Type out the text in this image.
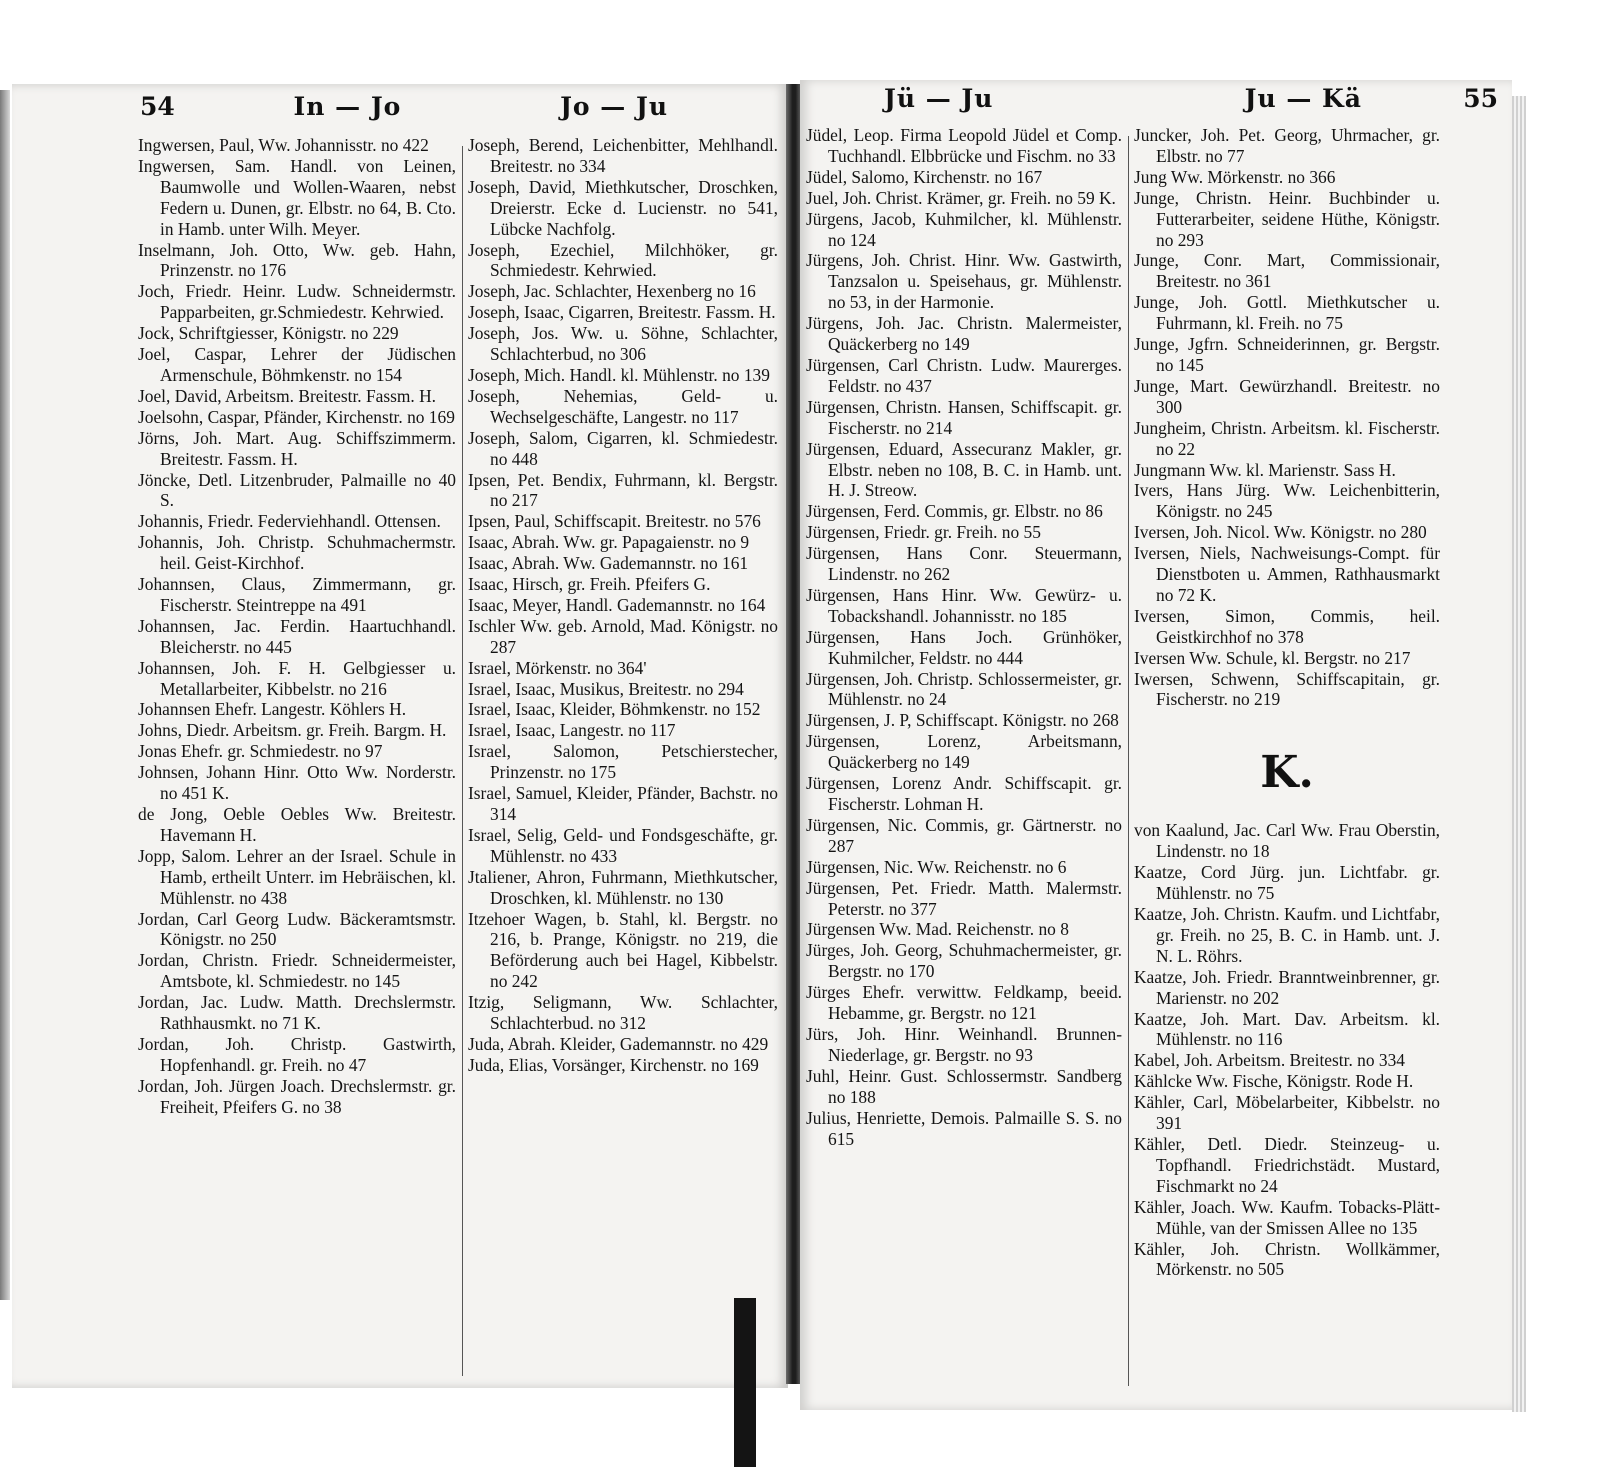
54	In — Jo	Jo — Ju
Ingwersen, Paul, Ww. Johannisstr. no 422
Ingwersen, Sam. Handl. von Leinen, Baumwolle und Wollen-Waaren, nebst Federn u. Dunen, gr. Elbstr. no 64, B. Cto. in Hamb. unter Wilh. Meyer.
Inselmann, Joh. Otto, Ww. geb. Hahn, Prinzenstr. no 176
Joch, Friedr. Heinr. Ludw. Schneidermstr. Papparbeiten, gr.Schmiedestr. Kehrwied.
Jock, Schriftgiesser, Königstr. no 229
Joel, Caspar, Lehrer der Jüdischen Armenschule, Böhmkenstr. no 154
Joel, David, Arbeitsm. Breitestr. Fassm. H.
Joelsohn, Caspar, Pfänder, Kirchenstr. no 169
Jörns, Joh. Mart. Aug. Schiffszimmerm. Breitestr. Fassm. H.
Jöncke, Detl. Litzenbruder, Palmaille no 40 S.
Johannis, Friedr. Federviehhandl. Ottensen.
Johannis, Joh. Christp. Schuhmachermstr. heil. Geist-Kirchhof.
Johannsen, Claus, Zimmermann, gr. Fischerstr. Steintreppe na 491
Johannsen, Jac. Ferdin. Haartuchhandl. Bleicherstr. no 445
Johannsen, Joh. F. H. Gelbgiesser u. Metallarbeiter, Kibbelstr. no 216
Johannsen Ehefr. Langestr. Köhlers H.
Johns, Diedr. Arbeitsm. gr. Freih. Bargm. H.
Jonas Ehefr. gr. Schmiedestr. no 97
Johnsen, Johann Hinr. Otto Ww. Norderstr. no 451 K.
de Jong, Oeble Oebles Ww. Breitestr. Havemann H.
Jopp, Salom. Lehrer an der Israel. Schule in Hamb, ertheilt Unterr. im Hebräischen, kl. Mühlenstr. no 438
Jordan, Carl Georg Ludw. Bäckeramtsmstr. Königstr. no 250
Jordan, Christn. Friedr. Schneidermeister, Amtsbote, kl. Schmiedestr. no 145
Jordan, Jac. Ludw. Matth. Drechslermstr. Rathhausmkt. no 71 K.
Jordan, Joh. Christp. Gastwirth, Hopfenhandl. gr. Freih. no 47
Jordan, Joh. Jürgen Joach. Drechslermstr. gr. Freiheit, Pfeifers G. no 38
Joseph, Berend, Leichenbitter, Mehlhandl. Breitestr. no 334
Joseph, David, Miethkutscher, Droschken, Dreierstr. Ecke d. Lucienstr. no 541, Lübcke Nachfolg.
Joseph, Ezechiel, Milchhöker, gr. Schmiedestr. Kehrwied.
Joseph, Jac. Schlachter, Hexenberg no 16
Joseph, Isaac, Cigarren, Breitestr. Fassm. H.
Joseph, Jos. Ww. u. Söhne, Schlachter, Schlachterbud, no 306
Joseph, Mich. Handl. kl. Mühlenstr. no 139
Joseph, Nehemias, Geld- u. Wechselgeschäfte, Langestr. no 117
Joseph, Salom, Cigarren, kl. Schmiedestr. no 448
Ipsen, Pet. Bendix, Fuhrmann, kl. Bergstr. no 217
Ipsen, Paul, Schiffscapit. Breitestr. no 576
Isaac, Abrah. Ww. gr. Papagaienstr. no 9
Isaac, Abrah. Ww. Gademannstr. no 161
Isaac, Hirsch, gr. Freih. Pfeifers G.
Isaac, Meyer, Handl. Gademannstr. no 164
Ischler Ww. geb. Arnold, Mad. Königstr. no 287
Israel, Mörkenstr. no 364'
Israel, Isaac, Musikus, Breitestr. no 294
Israel, Isaac, Kleider, Böhmkenstr. no 152
Israel, Isaac, Langestr. no 117
Israel, Salomon, Petschierstecher, Prinzenstr. no 175
Israel, Samuel, Kleider, Pfänder, Bachstr. no 314
Israel, Selig, Geld- und Fondsgeschäfte, gr. Mühlenstr. no 433
Jtaliener, Ahron, Fuhrmann, Miethkutscher, Droschken, kl. Mühlenstr. no 130
Itzehoer Wagen, b. Stahl, kl. Bergstr. no 216, b. Prange, Königstr. no 219, die Beförderung auch bei Hagel, Kibbelstr. no 242
Itzig, Seligmann, Ww. Schlachter, Schlachterbud. no 312
Juda, Abrah. Kleider, Gademannstr. no 429
Juda, Elias, Vorsänger, Kirchenstr. no 169
Jü — Ju	Ju — Kä	55
Jüdel, Leop. Firma Leopold Jüdel et Comp. Tuchhandl. Elbbrücke und Fischm. no 33
Jüdel, Salomo, Kirchenstr. no 167
Juel, Joh. Christ. Krämer, gr. Freih. no 59 K.
Jürgens, Jacob, Kuhmilcher, kl. Mühlenstr. no 124
Jürgens, Joh. Christ. Hinr. Ww. Gastwirth, Tanzsalon u. Speisehaus, gr. Mühlenstr. no 53, in der Harmonie.
Jürgens, Joh. Jac. Christn. Malermeister, Quäckerberg no 149
Jürgensen, Carl Christn. Ludw. Maurerges. Feldstr. no 437
Jürgensen, Christn. Hansen, Schiffscapit. gr. Fischerstr. no 214
Jürgensen, Eduard, Assecuranz Makler, gr. Elbstr. neben no 108, B. C. in Hamb. unt. H. J. Streow.
Jürgensen, Ferd. Commis, gr. Elbstr. no 86
Jürgensen, Friedr. gr. Freih. no 55
Jürgensen, Hans Conr. Steuermann, Lindenstr. no 262
Jürgensen, Hans Hinr. Ww. Gewürz- u. Tobackshandl. Johannisstr. no 185
Jürgensen, Hans Joch. Grünhöker, Kuhmilcher, Feldstr. no 444
Jürgensen, Joh. Christp. Schlossermeister, gr. Mühlenstr. no 24
Jürgensen, J. P, Schiffscapt. Königstr. no 268
Jürgensen, Lorenz, Arbeitsmann, Quäckerberg no 149
Jürgensen, Lorenz Andr. Schiffscapit. gr. Fischerstr. Lohman H.
Jürgensen, Nic. Commis, gr. Gärtnerstr. no 287
Jürgensen, Nic. Ww. Reichenstr. no 6
Jürgensen, Pet. Friedr. Matth. Malermstr. Peterstr. no 377
Jürgensen Ww. Mad. Reichenstr. no 8
Jürges, Joh. Georg, Schuhmachermeister, gr. Bergstr. no 170
Jürges Ehefr. verwittw. Feldkamp, beeid. Hebamme, gr. Bergstr. no 121
Jürs, Joh. Hinr. Weinhandl. Brunnen-Niederlage, gr. Bergstr. no 93
Juhl, Heinr. Gust. Schlossermstr. Sandberg no 188
Julius, Henriette, Demois. Palmaille S. S. no 615
Juncker, Joh. Pet. Georg, Uhrmacher, gr. Elbstr. no 77
Jung Ww. Mörkenstr. no 366
Junge, Christn. Heinr. Buchbinder u. Futterarbeiter, seidene Hüthe, Königstr. no 293
Junge, Conr. Mart, Commissionair, Breitestr. no 361
Junge, Joh. Gottl. Miethkutscher u. Fuhrmann, kl. Freih. no 75
Junge, Jgfrn. Schneiderinnen, gr. Bergstr. no 145
Junge, Mart. Gewürzhandl. Breitestr. no 300
Jungheim, Christn. Arbeitsm. kl. Fischerstr. no 22
Jungmann Ww. kl. Marienstr. Sass H.
Ivers, Hans Jürg. Ww. Leichenbitterin, Königstr. no 245
Iversen, Joh. Nicol. Ww. Königstr. no 280
Iversen, Niels, Nachweisungs-Compt. für Dienstboten u. Ammen, Rathhausmarkt no 72 K.
Iversen, Simon, Commis, heil. Geistkirchhof no 378
Iversen Ww. Schule, kl. Bergstr. no 217
Iwersen, Schwenn, Schiffscapitain, gr. Fischerstr. no 219
K.
von Kaalund, Jac. Carl Ww. Frau Oberstin, Lindenstr. no 18
Kaatze, Cord Jürg. jun. Lichtfabr. gr. Mühlenstr. no 75
Kaatze, Joh. Christn. Kaufm. und Lichtfabr, gr. Freih. no 25, B. C. in Hamb. unt. J. N. L. Röhrs.
Kaatze, Joh. Friedr. Branntweinbrenner, gr. Marienstr. no 202
Kaatze, Joh. Mart. Dav. Arbeitsm. kl. Mühlenstr. no 116
Kabel, Joh. Arbeitsm. Breitestr. no 334
Kählcke Ww. Fische, Königstr. Rode H.
Kähler, Carl, Möbelarbeiter, Kibbelstr. no 391
Kähler, Detl. Diedr. Steinzeug- u. Topfhandl. Friedrichstädt. Mustard, Fischmarkt no 24
Kähler, Joach. Ww. Kaufm. Tobacks-Plätt-Mühle, van der Smissen Allee no 135
Kähler, Joh. Christn. Wollkämmer, Mörkenstr. no 505
